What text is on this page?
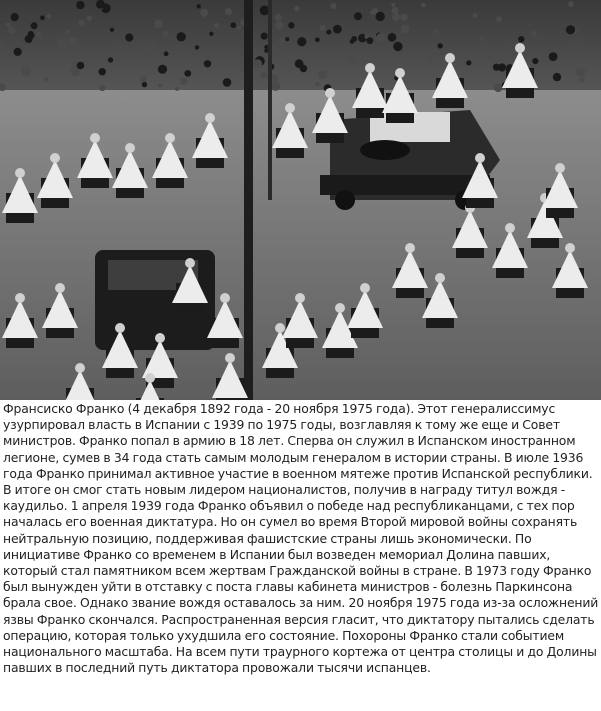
Франсиско Франко (4 декабря 1892 года - 20 ноября 1975 года). Этот генералиссимус узурпировал власть в Испании с 1939 по 1975 годы, возглавляя к тому же еще и Совет министров. Франко попал в армию в 18 лет. Сперва он служил в Испанском иностранном легионе, сумев в 34 года стать самым молодым генералом в истории страны. В июле 1936 года Франко принимал активное участие в военном мятеже против Испанской республики. В итоге он смог стать новым лидером националистов, получив в награду титул вождя - каудильо. 1 апреля 1939 года Франко объявил о победе над республиканцами, с тех пор началась его военная диктатура. Но он сумел во время Второй мировой войны сохранять нейтральную позицию, поддерживая фашистские страны лишь экономически. По инициативе Франко со временем в Испании был возведен мемориал Долина павших, который стал памятником всем жертвам Гражданской войны в стране. В 1973 году Франко был вынужден уйти в отставку с поста главы кабинета министров - болезнь Паркинсона брала свое. Однако звание вождя оставалось за ним. 20 ноября 1975 года из-за осложнений язвы Франко скончался. Распространенная версия гласит, что диктатору пытались сделать операцию, которая только ухудшила его состояние. Похороны Франко стали событием национального масштаба. На всем пути траурного кортежа от центра столицы и до Долины павших в последний путь диктатора провожали тысячи испанцев.
